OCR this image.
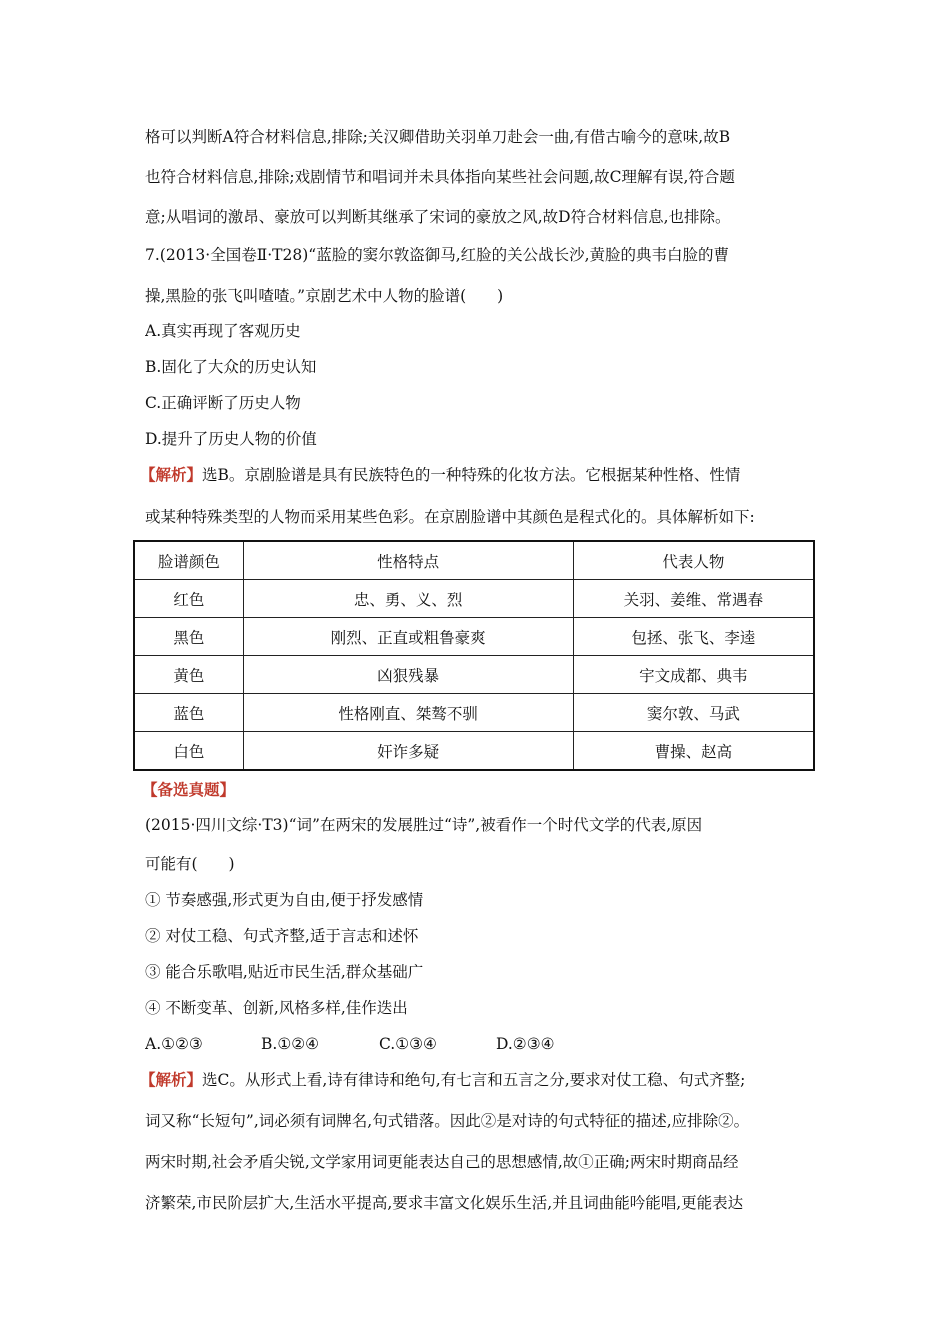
格可以判断A符合材料信息,排除;关汉卿借助关羽单刀赴会一曲,有借古喻今的意味,故B
也符合材料信息,排除;戏剧情节和唱词并未具体指向某些社会问题,故C理解有误,符合题
意;从唱词的激昂、豪放可以判断其继承了宋词的豪放之风,故D符合材料信息,也排除。
7.(2013·全国卷Ⅱ·T28)“蓝脸的窦尔敦盗御马,红脸的关公战长沙,黄脸的典韦白脸的曹
操,黑脸的张飞叫喳喳。”京剧艺术中人物的脸谱(　　)
A.真实再现了客观历史
B.固化了大众的历史认知
C.正确评断了历史人物
D.提升了历史人物的价值
【解析】选B。京剧脸谱是具有民族特色的一种特殊的化妆方法。它根据某种性格、性情
或某种特殊类型的人物而采用某些色彩。在京剧脸谱中其颜色是程式化的。具体解析如下:
脸谱颜色	性格特点	代表人物
红色	忠、勇、义、烈	关羽、姜维、常遇春
黑色	刚烈、正直或粗鲁豪爽	包拯、张飞、李逵
黄色	凶狠残暴	宇文成都、典韦
蓝色	性格刚直、桀骜不驯	窦尔敦、马武
白色	奸诈多疑	曹操、赵高
【备选真题】
(2015·四川文综·T3)“词”在两宋的发展胜过“诗”,被看作一个时代文学的代表,原因
可能有(　　)
① 节奏感强,形式更为自由,便于抒发感情
② 对仗工稳、句式齐整,适于言志和述怀
③ 能合乐歌唱,贴近市民生活,群众基础广
④ 不断变革、创新,风格多样,佳作迭出
A.①②③	B.①②④	C.①③④	D.②③④
【解析】选C。从形式上看,诗有律诗和绝句,有七言和五言之分,要求对仗工稳、句式齐整;
词又称“长短句”,词必须有词牌名,句式错落。因此②是对诗的句式特征的描述,应排除②。
两宋时期,社会矛盾尖锐,文学家用词更能表达自己的思想感情,故①正确;两宋时期商品经
济繁荣,市民阶层扩大,生活水平提高,要求丰富文化娱乐生活,并且词曲能吟能唱,更能表达
